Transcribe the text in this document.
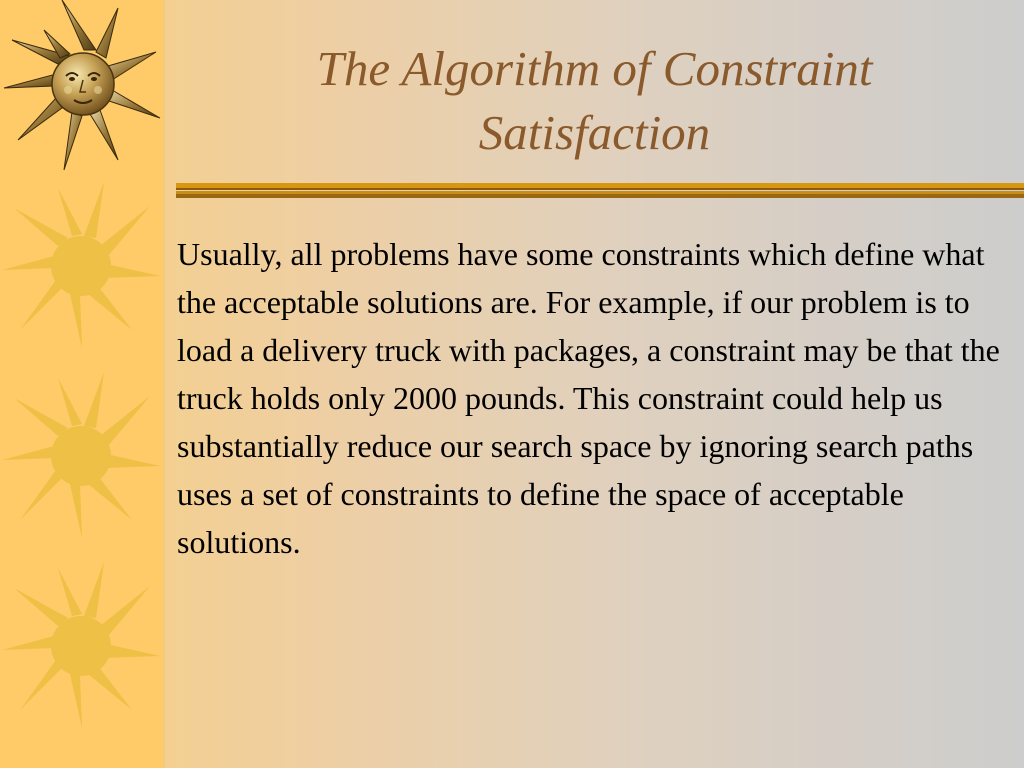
The Algorithm of Constraint
Satisfaction

Usually, all problems have some constraints which define what the acceptable solutions are. For example, if our problem is to load a delivery truck with packages, a constraint may be that the truck holds only 2000 pounds. This constraint could help us substantially reduce our search space by ignoring search paths uses a set of constraints to define the space of acceptable solutions.
